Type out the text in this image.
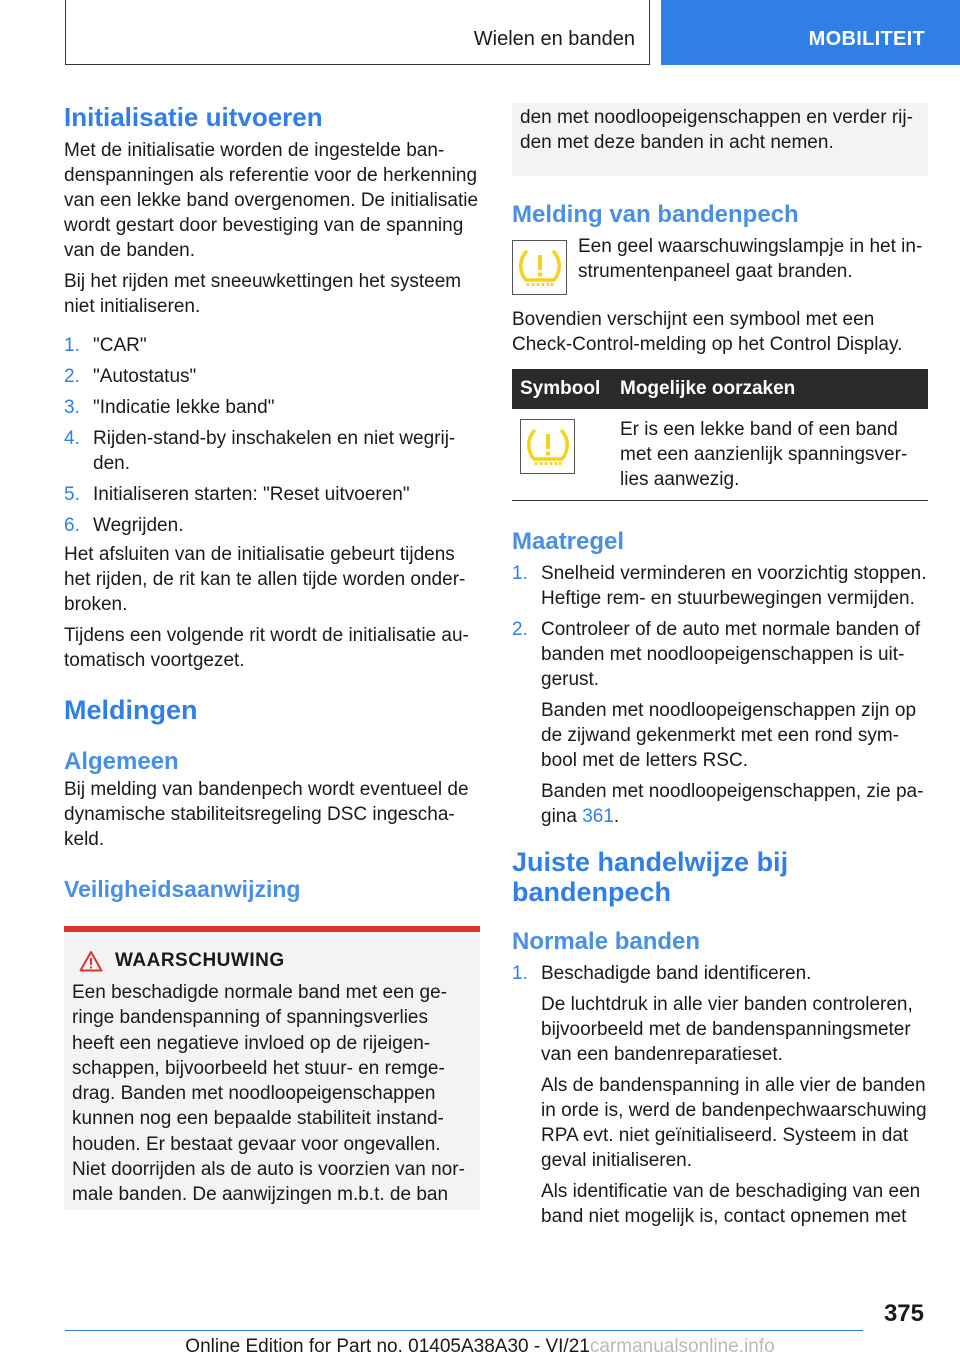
Wielen en banden	MOBILITEIT
Initialisatie uitvoeren

Met de initialisatie worden de ingestelde bandenspanningen als referentie voor de herkenning van een lekke band overgenomen. De initialisatie wordt gestart door bevestiging van de spanning van de banden.

Bij het rijden met sneeuwkettingen het systeem niet initialiseren.

1. "CAR"
2. "Autostatus"
3. "Indicatie lekke band"
4. Rijden-stand-by inschakelen en niet wegrijden.
5. Initialiseren starten: "Reset uitvoeren"
6. Wegrijden.

Het afsluiten van de initialisatie gebeurt tijdens het rijden, de rit kan te allen tijde worden onderbroken.

Tijdens een volgende rit wordt de initialisatie automatisch voortgezet.

Meldingen
Algemeen

Bij melding van bandenpech wordt eventueel de dynamische stabiliteitsregeling DSC ingeschakeld.

Veiligheidsaanwijzing
WAARSCHUWING

Een beschadigde normale band met een geringe bandenspanning of spanningsverlies heeft een negatieve invloed op de rijeigenschappen, bijvoorbeeld het stuur- en remgedrag. Banden met noodloopeigenschappen kunnen nog een bepaalde stabiliteit instandhouden. Er bestaat gevaar voor ongevallen. Niet doorrijden als de auto is voorzien van normale banden. De aanwijzingen m.b.t. de ban

den met noodloopeigenschappen en verder rijden met deze banden in acht nemen.

Melding van bandenpech

Een geel waarschuwingslampje in het instrumentenpaneel gaat branden.

Bovendien verschijnt een symbool met een Check-Control-melding op het Control Display.

Symbool	Mogelijke oorzaken

	Er is een lekke band of een band met een aanzienlijk spanningsverlies aanwezig.
Maatregel
1. Snelheid verminderen en voorzichtig stoppen. Heftige rem- en stuurbewegingen vermijden.
2. Controleer of de auto met normale banden of banden met noodloopeigenschappen is uitgerust.
Banden met noodloopeigenschappen zijn op de zijwand gekenmerkt met een rond symbool met de letters RSC.
Banden met noodloopeigenschappen, zie pagina 361.
Juiste handelwijze bij
bandenpech
Normale banden
1. Beschadigde band identificeren.
De luchtdruk in alle vier banden controleren, bijvoorbeeld met de bandenspanningsmeter van een bandenreparatieset.
Als de bandenspanning in alle vier de banden in orde is, werd de bandenpechwaarschuwing RPA evt. niet geïnitialiseerd. Systeem in dat geval initialiseren.
Als identificatie van de beschadiging van een band niet mogelijk is, contact opnemen met
375
Online Edition for Part no. 01405A38A30 - VI/21carmanualsonline.info
